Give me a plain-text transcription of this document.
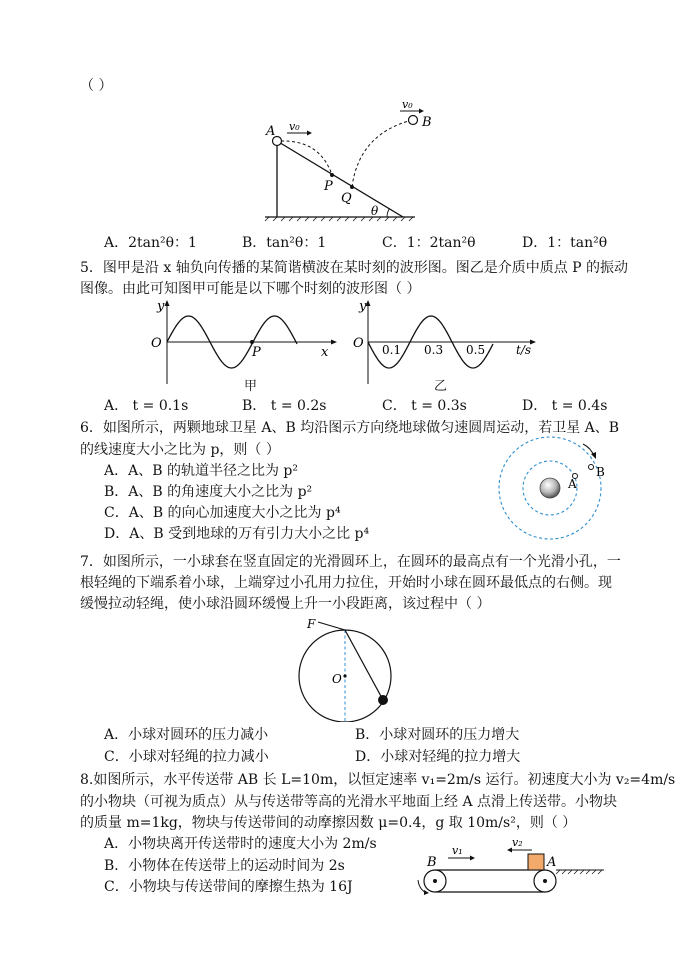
（ ）
A
B
P
Q
θ
v₀
v₀
A．2tan²θ：1	B．tan²θ：1	C．1：2tan²θ	D．1：tan²θ
5．图甲是沿 x 轴负向传播的某简谐横波在某时刻的波形图。图乙是介质中质点 P 的振动
图像。由此可知图甲可能是以下哪个时刻的波形图（ ）
y
O
x
P
甲
y
O 0.1 0.3 0.5	t/s
乙
A． t = 0.1s	B． t = 0.2s	C． t = 0.3s	D． t = 0.4s
6．如图所示，两颗地球卫星 A、B 均沿图示方向绕地球做匀速圆周运动，若卫星 A、B
的线速度大小之比为 p，则（ ）
A．A、B 的轨道半径之比为 p²
B．A、B 的角速度大小之比为 p²
C．A、B 的向心加速度大小之比为 p⁴
D．A、B 受到地球的万有引力大小之比 p⁴
A
B
7．如图所示，一小球套在竖直固定的光滑圆环上，在圆环的最高点有一个光滑小孔，一
根轻绳的下端系着小球，上端穿过小孔用力拉住，开始时小球在圆环最低点的右侧。现
缓慢拉动轻绳，使小球沿圆环缓慢上升一小段距离，该过程中（ ）
F
O
A．小球对圆环的压力减小	B．小球对圆环的压力增大
C．小球对轻绳的拉力减小	D．小球对轻绳的拉力增大
8.如图所示，水平传送带 AB 长 L=10m，以恒定速率 v₁=2m/s 运行。初速度大小为 v₂=4m/s
的小物块（可视为质点）从与传送带等高的光滑水平地面上经 A 点滑上传送带。小物块
的质量 m=1kg，物块与传送带间的动摩擦因数 μ=0.4，g 取 10m/s²，则（ ）
A．小物块离开传送带时的速度大小为 2m/s
B．小物体在传送带上的运动时间为 2s
C．小物块与传送带间的摩擦生热为 16J
B	A
v₁
v₂
